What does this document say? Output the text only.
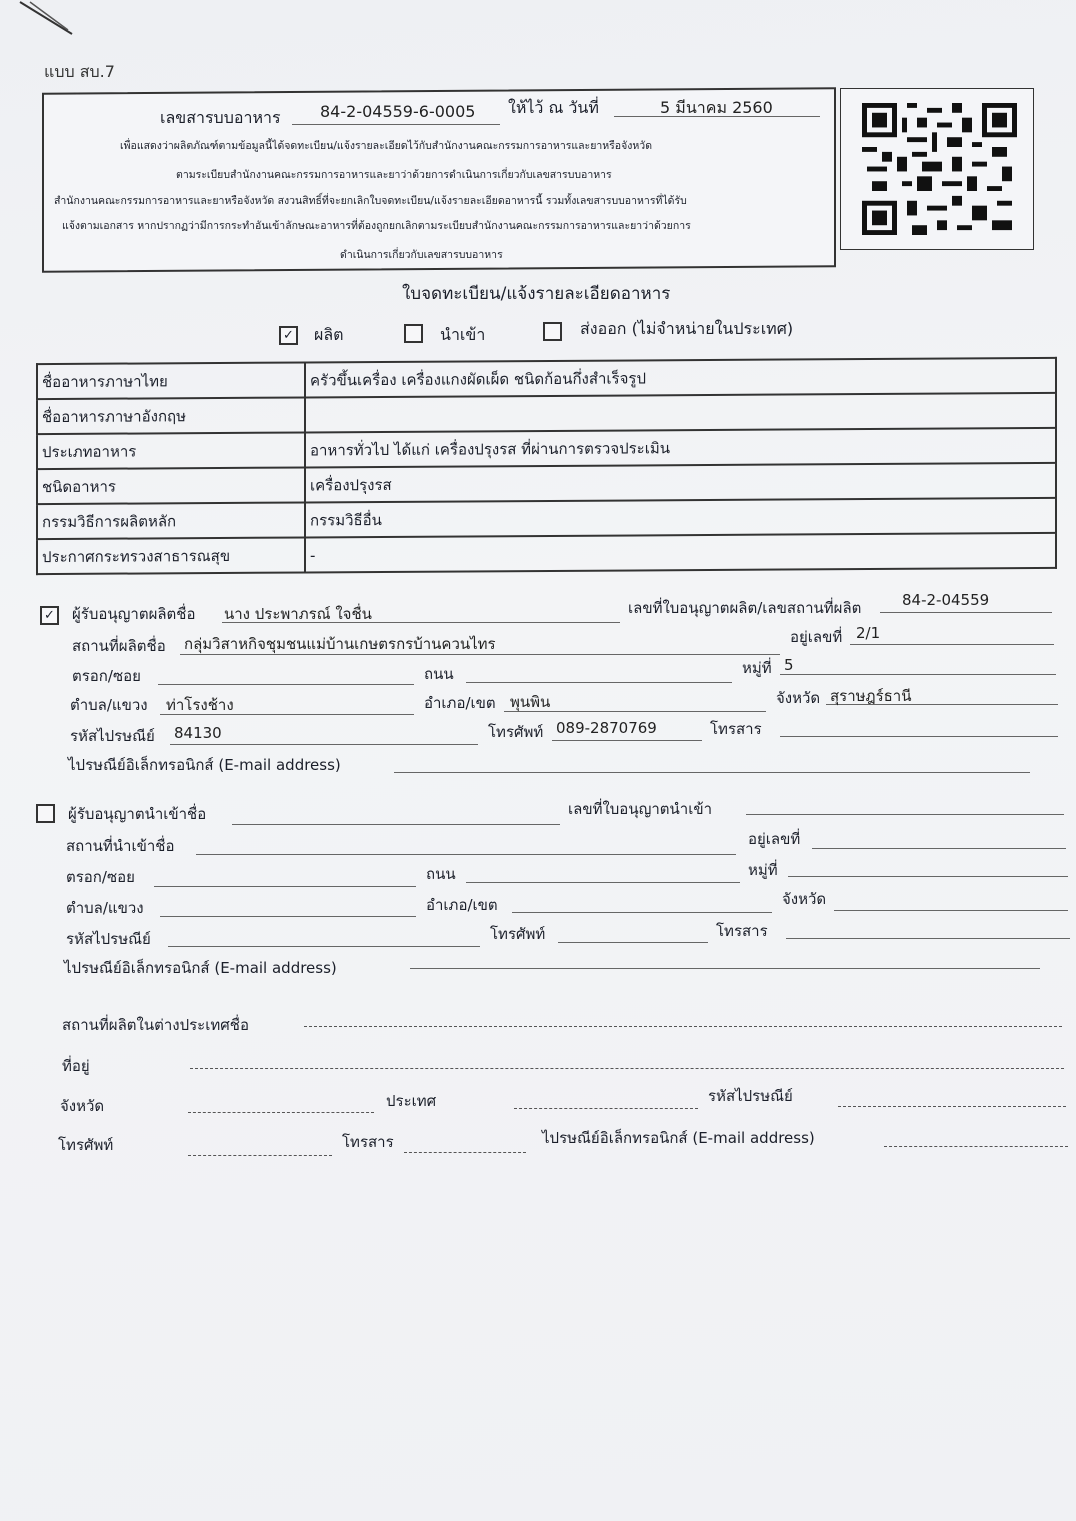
แบบ สบ.7
เลขสารบบอาหาร 84-2-04559-6-0005 ให้ไว้ ณ วันที่	5 มีนาคม 2560
เพื่อแสดงว่าผลิตภัณฑ์ตามข้อมูลนี้ได้จดทะเบียน/แจ้งรายละเอียดไว้กับสำนักงานคณะกรรมการอาหารและยาหรือจังหวัด
ตามระเบียบสำนักงานคณะกรรมการอาหารและยาว่าด้วยการดำเนินการเกี่ยวกับเลขสารบบอาหาร
สำนักงานคณะกรรมการอาหารและยาหรือจังหวัด สงวนสิทธิ์ที่จะยกเลิกใบจดทะเบียน/แจ้งรายละเอียดอาหารนี้ รวมทั้งเลขสารบบอาหารที่ได้รับ
แจ้งตามเอกสาร หากปรากฏว่ามีการกระทำอันเข้าลักษณะอาหารที่ต้องถูกยกเลิกตามระเบียบสำนักงานคณะกรรมการอาหารและยาว่าด้วยการ
ดำเนินการเกี่ยวกับเลขสารบบอาหาร
ใบจดทะเบียน/แจ้งรายละเอียดอาหาร
✓ ผลิต	นำเข้า	ส่งออก (ไม่จำหน่ายในประเทศ)
ชื่ออาหารภาษาไทย	ครัวขึ้นเครื่อง เครื่องแกงผัดเผ็ด ชนิดก้อนกึ่งสำเร็จรูป
ชื่ออาหารภาษาอังกฤษ	
ประเภทอาหาร	อาหารทั่วไป ได้แก่ เครื่องปรุงรส ที่ผ่านการตรวจประเมิน
ชนิดอาหาร	เครื่องปรุงรส
กรรมวิธีการผลิตหลัก	กรรมวิธีอื่น
ประกาศกระทรวงสาธารณสุข	-
✓ ผู้รับอนุญาตผลิตชื่อ นาง ประพาภรณ์ ใจชื่น	เลขที่ใบอนุญาตผลิต/เลขสถานที่ผลิต	84-2-04559
สถานที่ผลิตชื่อ กลุ่มวิสาหกิจชุมชนแม่บ้านเกษตรกรบ้านควนไทร	อยู่เลขที่ 2/1
ตรอก/ซอย	ถนน	หมู่ที่ 5
ตำบล/แขวง ท่าโรงช้าง	อำเภอ/เขต พุนพิน	จังหวัด สุราษฎร์ธานี
รหัสไปรษณีย์ 84130	โทรศัพท์ 089-2870769	โทรสาร
ไปรษณีย์อิเล็กทรอนิกส์ (E-mail address)
ผู้รับอนุญาตนำเข้าชื่อ	เลขที่ใบอนุญาตนำเข้า
สถานที่นำเข้าชื่อ	อยู่เลขที่
ตรอก/ซอย	ถนน	หมู่ที่
ตำบล/แขวง	อำเภอ/เขต	จังหวัด
รหัสไปรษณีย์	โทรศัพท์	โทรสาร
ไปรษณีย์อิเล็กทรอนิกส์ (E-mail address)
สถานที่ผลิตในต่างประเทศชื่อ
ที่อยู่
จังหวัด	ประเทศ	รหัสไปรษณีย์
โทรศัพท์	โทรสาร	ไปรษณีย์อิเล็กทรอนิกส์ (E-mail address)
